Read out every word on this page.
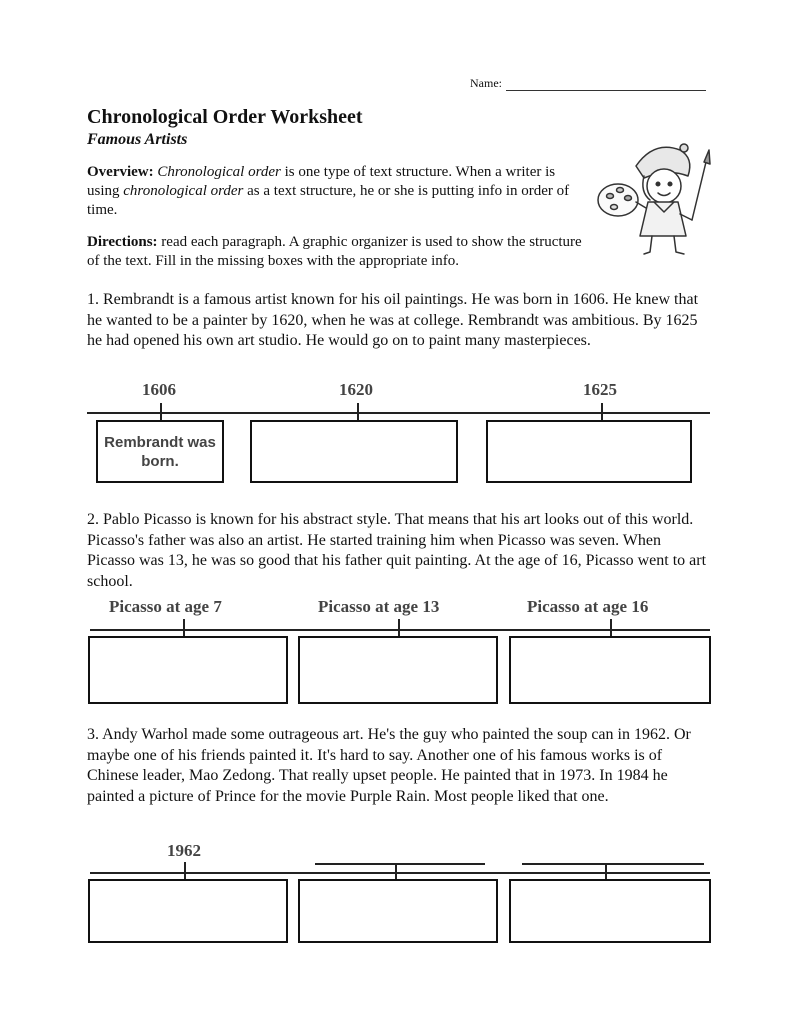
Name:
Chronological Order Worksheet
Famous Artists
Overview: Chronological order is one type of text structure. When a writer is using chronological order as a text structure, he or she is putting info in order of time.
Directions: read each paragraph. A graphic organizer is used to show the structure of the text. Fill in the missing boxes with the appropriate info.
1. Rembrandt is a famous artist known for his oil paintings. He was born in 1606. He knew that he wanted to be a painter by 1620, when he was at college. Rembrandt was ambitious. By 1625 he had opened his own art studio. He would go on to paint many masterpieces.
1606	1620	1625
Rembrandt was born.
2. Pablo Picasso is known for his abstract style. That means that his art looks out of this world. Picasso's father was also an artist. He started training him when Picasso was seven. When Picasso was 13, he was so good that his father quit painting. At the age of 16, Picasso went to art school.
Picasso at age 7	Picasso at age 13	Picasso at age 16
3. Andy Warhol made some outrageous art. He's the guy who painted the soup can in 1962. Or maybe one of his friends painted it. It's hard to say. Another one of his famous works is of Chinese leader, Mao Zedong. That really upset people. He painted that in 1973. In 1984 he painted a picture of Prince for the movie Purple Rain. Most people liked that one.
1962
